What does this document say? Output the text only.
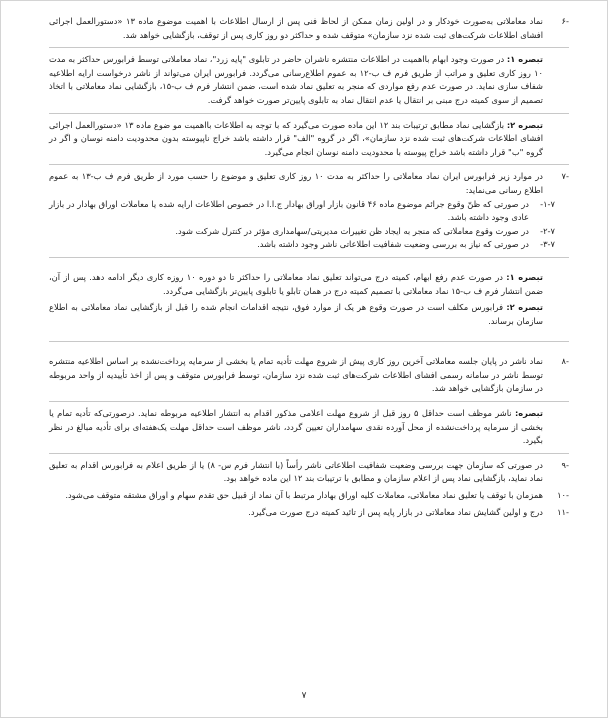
-۶

نماد معاملاتی به‌صورت خودکار و در اولین زمان ممکن از لحاظ فنی پس از ارسال اطلاعات با اهمیت موضوع ماده ۱۳ «دستورالعمل اجرائی افشای اطلاعات شرکت‌های ثبت شده نزد سازمان» متوقف شده و حداکثر دو روز کاری پس از توقف، بازگشایی خواهد شد.

تبصره ۱: در صورت وجود ابهام بااهمیت در اطلاعات منتشره ناشران حاضر در تابلوی "پایه زرد"، نماد معاملاتی توسط فرابورس حداکثر به مدت ۱۰ روز کاری تعلیق و مراتب از طریق فرم ف ب-۱۲ به عموم اطلاع‌رسانی می‌گردد. فرابورس ایران می‌تواند از ناشر درخواست ارایه اطلاعیه شفاف سازی نماید. در صورت عدم رفع مواردی که منجر به تعلیق نماد شده است، ضمن انتشار فرم ف ب-۱۵، بازگشایی نماد معاملاتی با اتخاذ تصمیم از سوی کمیته درج مبنی بر انتقال یا عدم انتقال نماد به تابلوی پایین‌تر صورت خواهد گرفت.

تبصره ۲: بازگشایی نماد مطابق ترتیبات بند ۱۲ این ماده صورت می‌گیرد که با توجه به اطلاعات بااهمیت مو ضوع ماده ۱۳ «دستورالعمل اجرائی افشای اطلاعات شرکت‌های ثبت شده نزد سازمان»، اگر در گروه "الف" قرار داشته باشد خراج ناپیوسته بدون محدودیت دامنه نوسان و اگر در گروه "ب" قرار داشته باشد خراج پیوسته با محدودیت دامنه نوسان انجام می‌گیرد.

-۷

در موارد زیر فرابورس ایران نماد معاملاتی را حداکثر به مدت ۱۰ روز کاری تعلیق و موضوع را حسب مورد از طریق فرم ف ب-۱۳ به عموم اطلاع رسانی می‌نماید:

۱-۷-

در صورتی که ظنّ وقوع جرائم موضوع ماده ۴۶ قانون بازار اوراق بهادار ج.ا.ا در خصوص اطلاعات ارایه شده یا معاملات اوراق بهادار در بازار عادی وجود داشته باشد.

۲-۷-

در صورت وقوع معاملاتی که منجر به ایجاد ظن تغییرات مدیریتی/سهامداری مؤثر در کنترل شرکت شود.

۳-۷-

در صورتی که نیاز به بررسی وضعیت شفافیت اطلاعاتی ناشر وجود داشته باشد.

تبصره ۱: در صورت عدم رفع ابهام، کمیته درج می‌تواند تعلیق نماد معاملاتی را حداکثر تا دو دوره ۱۰ روزه کاری دیگر ادامه دهد. پس از آن، ضمن انتشار فرم ف ب-۱۵ نماد معاملاتی با تصمیم کمیته درج در همان تابلو یا تابلوی پایین‌تر بازگشایی می‌گردد.

تبصره ۲: فرابورس مکلف است در صورت وقوع هر یک از موارد فوق، نتیجه اقدامات انجام شده را قبل از بازگشایی نماد معاملاتی به اطلاع سازمان برساند.

-۸

نماد ناشر در پایان جلسه معاملاتی آخرین روز کاری پیش از شروع مهلت تأدیه تمام یا بخشی از سرمایه پرداخت‌نشده بر اساس اطلاعیه منتشره توسط ناشر در سامانه رسمی افشای اطلاعات شرکت‌های ثبت شده نزد سازمان، توسط فرابورس متوقف و پس از اخذ تأییدیه از واحد مربوطه در سازمان بازگشایی خواهد شد.

تبصره: ناشر موظف است حداقل ۵ روز قبل از شروع مهلت اعلامی مذکور اقدام به انتشار اطلاعیه مربوطه نماید. درصورتی‌که تأدیه تمام یا بخشی از سرمایه پرداخت‌نشده از محل آورده نقدی سهامداران تعیین گردد، ناشر موظف است حداقل مهلت یک‌هفته‌ای برای تأدیه مبالغ در نظر بگیرد.

-۹

در صورتی که سازمان جهت بررسی وضعیت شفافیت اطلاعاتی ناشر رأساً (با انتشار فرم س- ۸) یا از طریق اعلام به فرابورس اقدام به تعلیق نماد نماید، بازگشایی نماد پس از اعلام سازمان و مطابق با ترتیبات بند ۱۲ این ماده خواهد بود.

-۱۰

همزمان با توقف یا تعلیق نماد معاملاتی، معاملات کلیه اوراق بهادار مرتبط با آن نماد از قبیل حق تقدم سهام و اوراق مشتقه متوقف می‌شود.

-۱۱

درج و اولین گشایش نماد معاملاتی در بازار پایه پس از تائید کمیته درج صورت می‌گیرد.

۷
